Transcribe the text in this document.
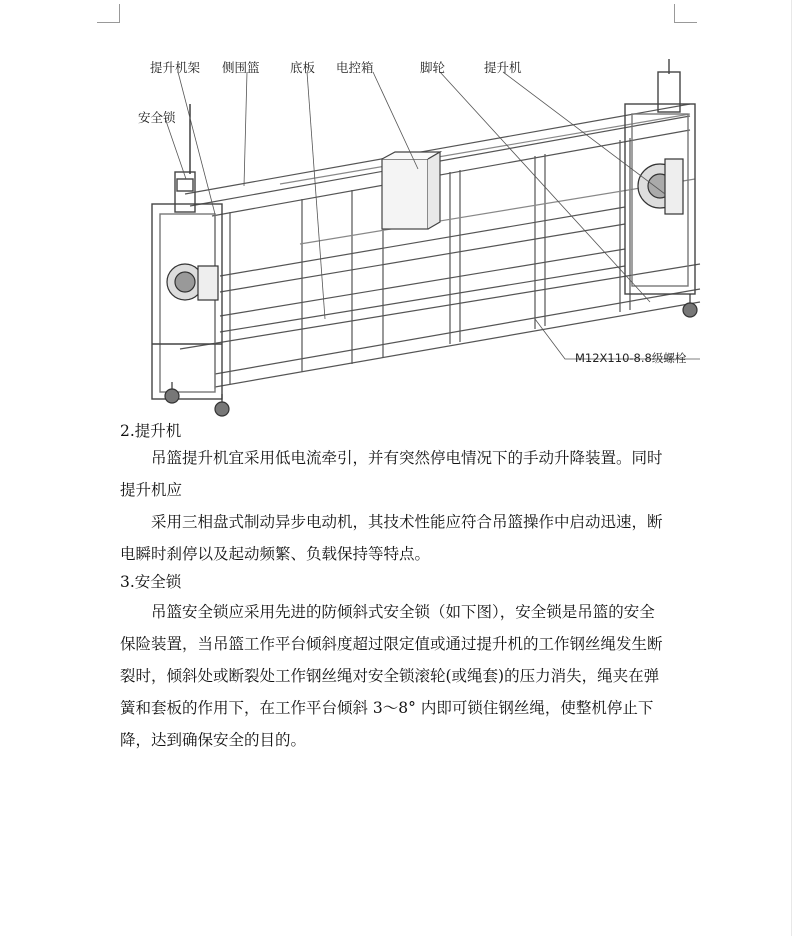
提升机架 侧围篮 底板 电控箱	脚轮	提升机
安全锁
M12X110-8.8级螺栓
2.提升机
吊篮提升机宜采用低电流牵引，并有突然停电情况下的手动升降装置。同时
提升机应
采用三相盘式制动异步电动机，其技术性能应符合吊篮操作中启动迅速，断
电瞬时刹停以及起动频繁、负载保持等特点。
3.安全锁
吊篮安全锁应采用先进的防倾斜式安全锁（如下图），安全锁是吊篮的安全
保险装置，当吊篮工作平台倾斜度超过限定值或通过提升机的工作钢丝绳发生断
裂时，倾斜处或断裂处工作钢丝绳对安全锁滚轮(或绳套)的压力消失，绳夹在弹
簧和套板的作用下，在工作平台倾斜 3～8° 内即可锁住钢丝绳，使整机停止下
降，达到确保安全的目的。
